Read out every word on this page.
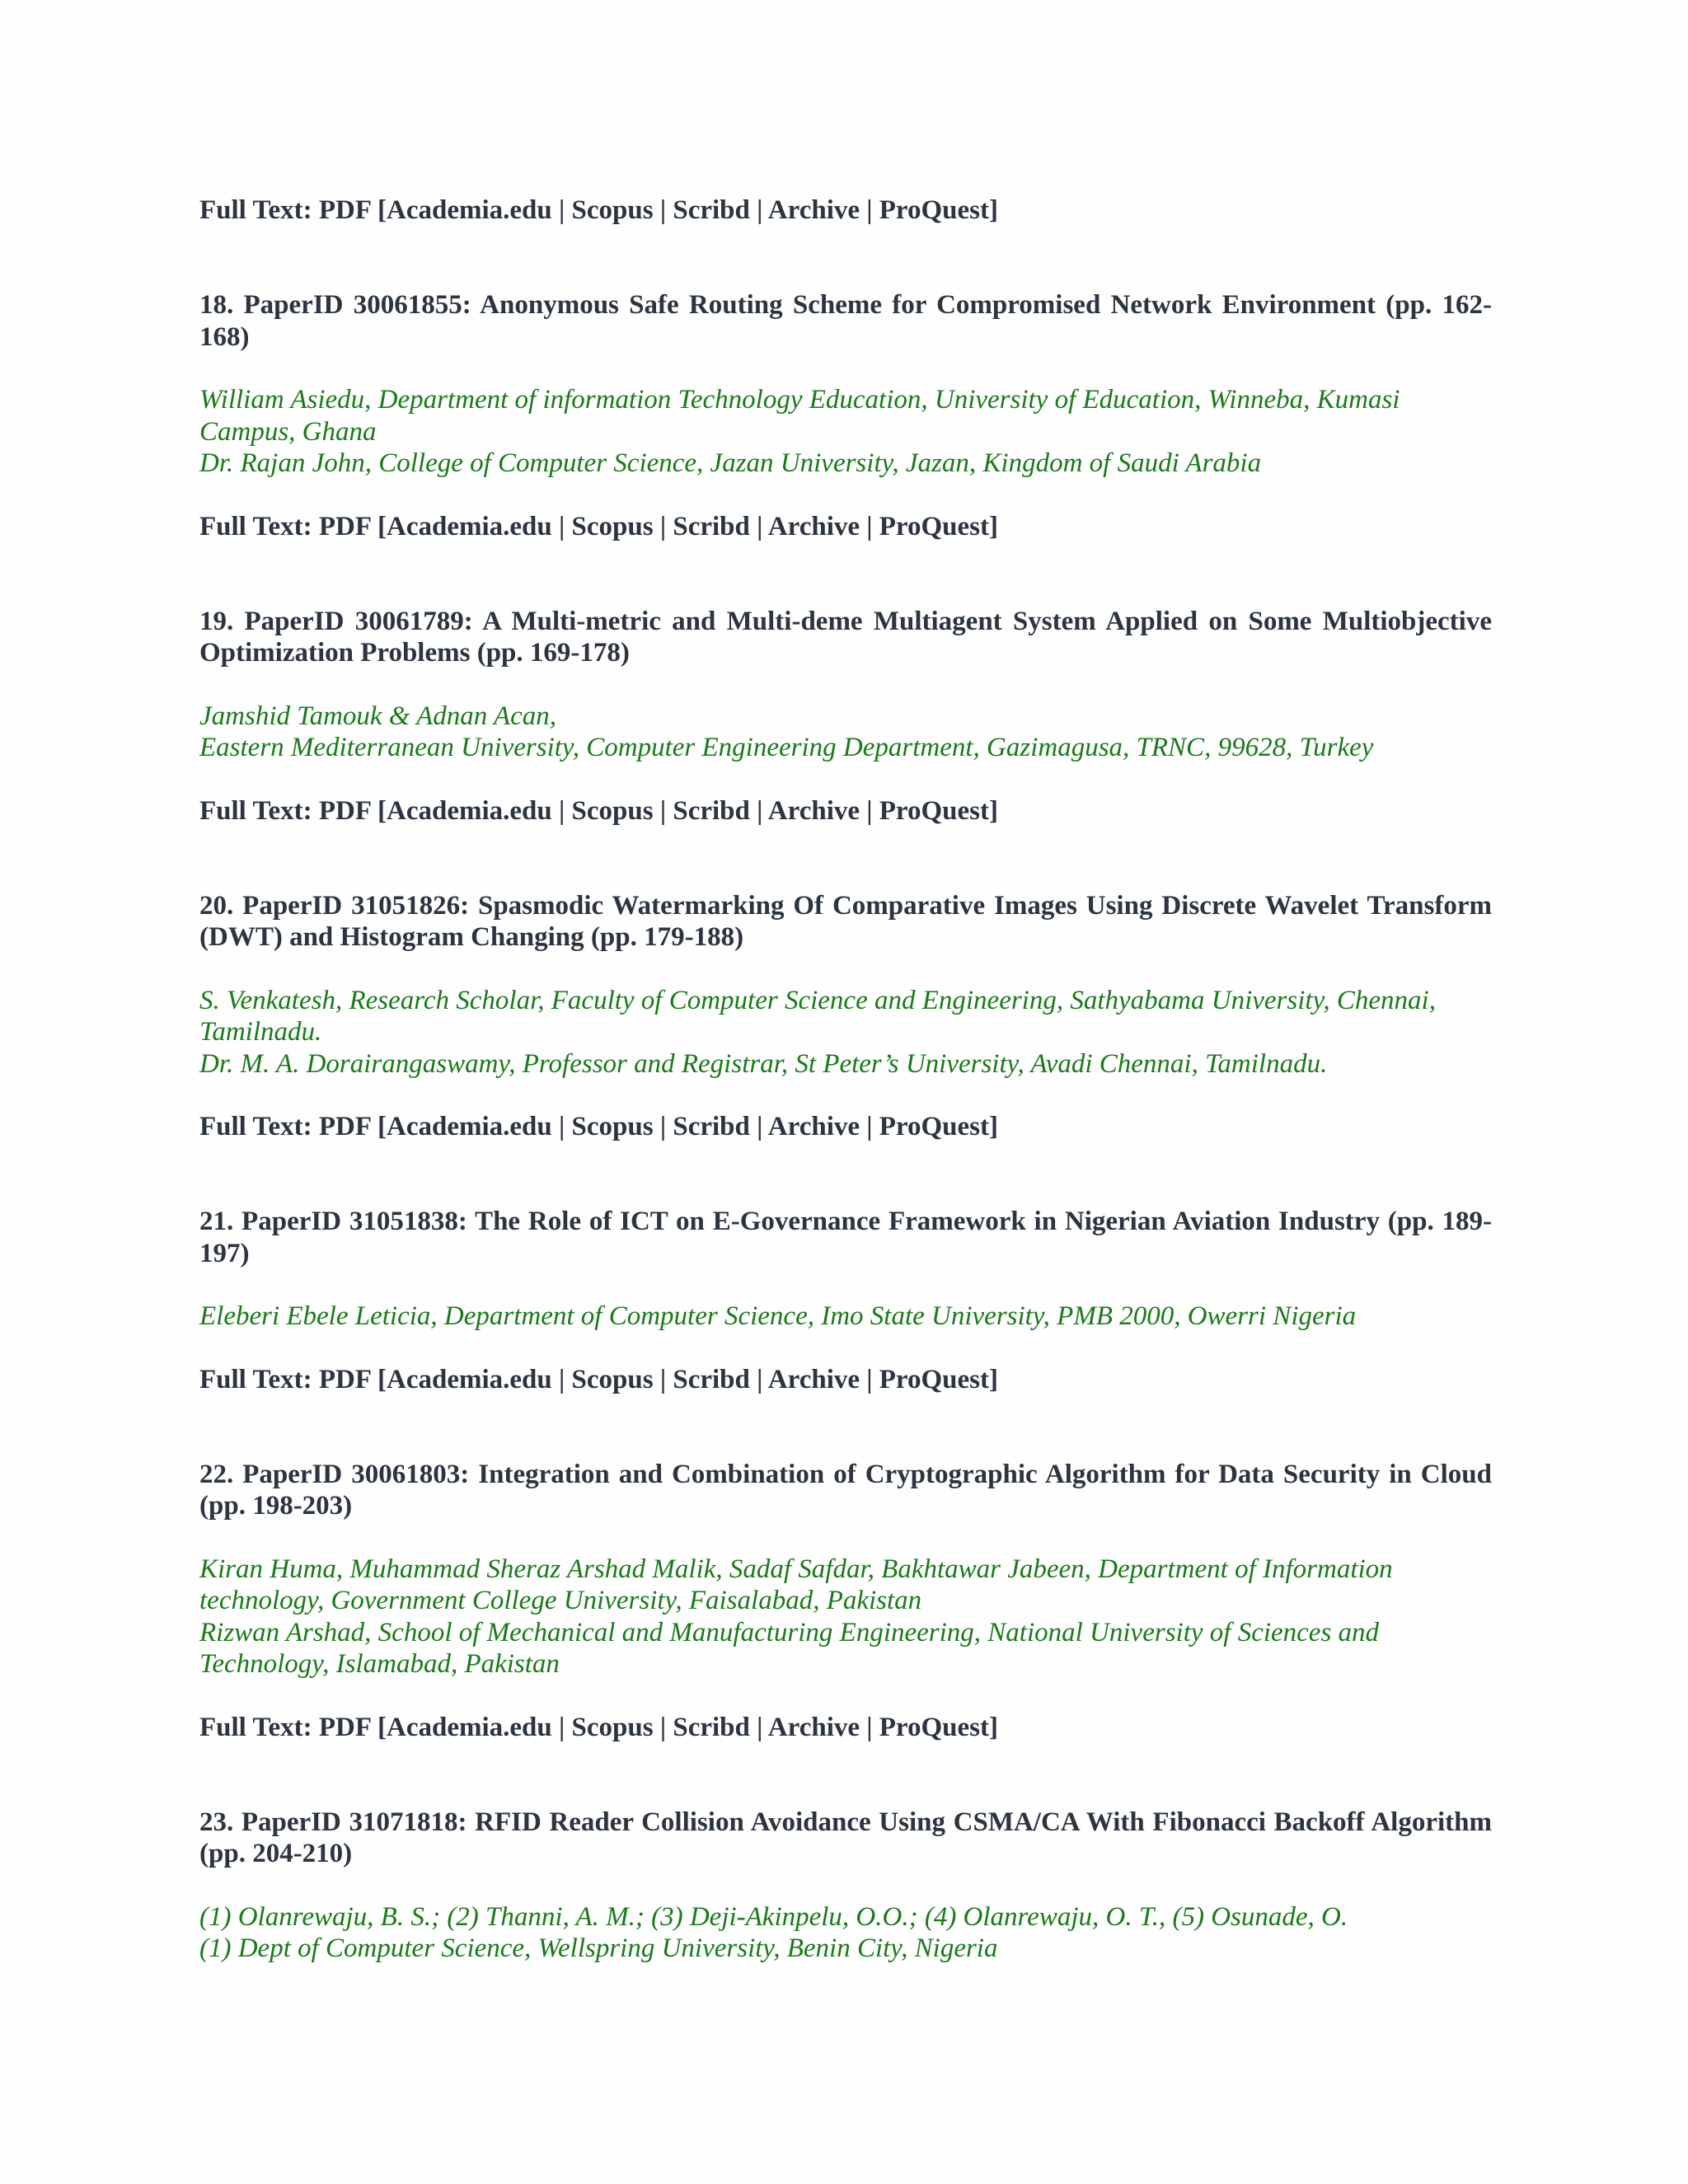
Full Text: PDF [Academia.edu | Scopus | Scribd | Archive | ProQuest]

18. PaperID 30061855: Anonymous Safe Routing Scheme for Compromised Network Environment (pp. 162-168)

William Asiedu, Department of information Technology Education, University of Education, Winneba, Kumasi Campus, Ghana
Dr. Rajan John, College of Computer Science, Jazan University, Jazan, Kingdom of Saudi Arabia

Full Text: PDF [Academia.edu | Scopus | Scribd | Archive | ProQuest]

19. PaperID 30061789: A Multi-metric and Multi-deme Multiagent System Applied on Some Multiobjective Optimization Problems (pp. 169-178)

Jamshid Tamouk & Adnan Acan,
Eastern Mediterranean University, Computer Engineering Department, Gazimagusa, TRNC, 99628, Turkey

Full Text: PDF [Academia.edu | Scopus | Scribd | Archive | ProQuest]

20. PaperID 31051826: Spasmodic Watermarking Of Comparative Images Using Discrete Wavelet Transform (DWT) and Histogram Changing (pp. 179-188)

S. Venkatesh, Research Scholar, Faculty of Computer Science and Engineering, Sathyabama University, Chennai, Tamilnadu.
Dr. M. A. Dorairangaswamy, Professor and Registrar, St Peter’s University, Avadi Chennai, Tamilnadu.

Full Text: PDF [Academia.edu | Scopus | Scribd | Archive | ProQuest]

21. PaperID 31051838: The Role of ICT on E-Governance Framework in Nigerian Aviation Industry (pp. 189-197)

Eleberi Ebele Leticia, Department of Computer Science, Imo State University, PMB 2000, Owerri Nigeria

Full Text: PDF [Academia.edu | Scopus | Scribd | Archive | ProQuest]

22. PaperID 30061803: Integration and Combination of Cryptographic Algorithm for Data Security in Cloud (pp. 198-203)

Kiran Huma, Muhammad Sheraz Arshad Malik, Sadaf Safdar, Bakhtawar Jabeen, Department of Information technology, Government College University, Faisalabad, Pakistan
Rizwan Arshad, School of Mechanical and Manufacturing Engineering, National University of Sciences and Technology, Islamabad, Pakistan

Full Text: PDF [Academia.edu | Scopus | Scribd | Archive | ProQuest]

23. PaperID 31071818: RFID Reader Collision Avoidance Using CSMA/CA With Fibonacci Backoff Algorithm (pp. 204-210)

(1) Olanrewaju, B. S.; (2) Thanni, A. M.; (3) Deji-Akinpelu, O.O.; (4) Olanrewaju, O. T., (5) Osunade, O.
(1) Dept of Computer Science, Wellspring University, Benin City, Nigeria
